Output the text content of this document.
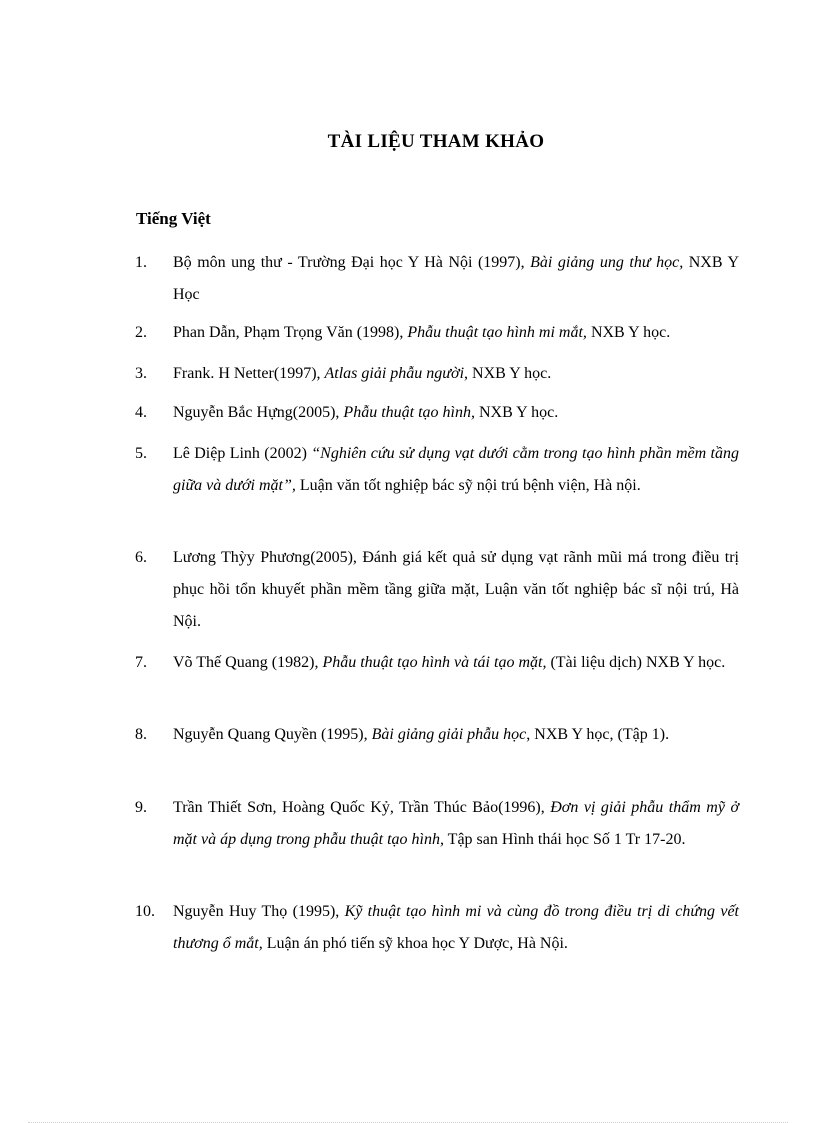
TÀI LIỆU THAM KHẢO
Tiếng Việt
1. Bộ môn ung thư - Trường Đại học Y Hà Nội (1997), Bài giảng ung thư học, NXB Y Học
2. Phan Dẫn, Phạm Trọng Văn (1998), Phẫu thuật tạo hình mi mắt, NXB Y học.
3. Frank. H Netter(1997), Atlas giải phẫu người, NXB Y học.
4. Nguyễn Bắc Hựng(2005), Phẫu thuật tạo hình, NXB Y học.
5. Lê Diệp Linh (2002) “Nghiên cứu sử dụng vạt dưới cằm trong tạo hình phần mềm tầng giữa và dưới mặt”, Luận văn tốt nghiệp bác sỹ nội trú bệnh viện, Hà nội.
6. Lương Thỳy Phương(2005), Đánh giá kết quả sử dụng vạt rãnh mũi má trong điều trị phục hồi tổn khuyết phần mềm tầng giữa mặt, Luận văn tốt nghiệp bác sĩ nội trú, Hà Nội.
7. Võ Thế Quang (1982), Phẫu thuật tạo hình và tái tạo mặt, (Tài liệu dịch) NXB Y học.
8. Nguyễn Quang Quyền (1995), Bài giảng giải phẫu học, NXB Y học, (Tập 1).
9. Trần Thiết Sơn, Hoàng Quốc Kỷ, Trần Thúc Bảo(1996), Đơn vị giải phẫu thẩm mỹ ở mặt và áp dụng trong phẫu thuật tạo hình, Tập san Hình thái học Số 1 Tr 17-20.
10. Nguyễn Huy Thọ (1995), Kỹ thuật tạo hình mi và cùng đồ trong điều trị di chứng vết thương ổ mắt, Luận án phó tiến sỹ khoa học Y Dược, Hà Nội.
